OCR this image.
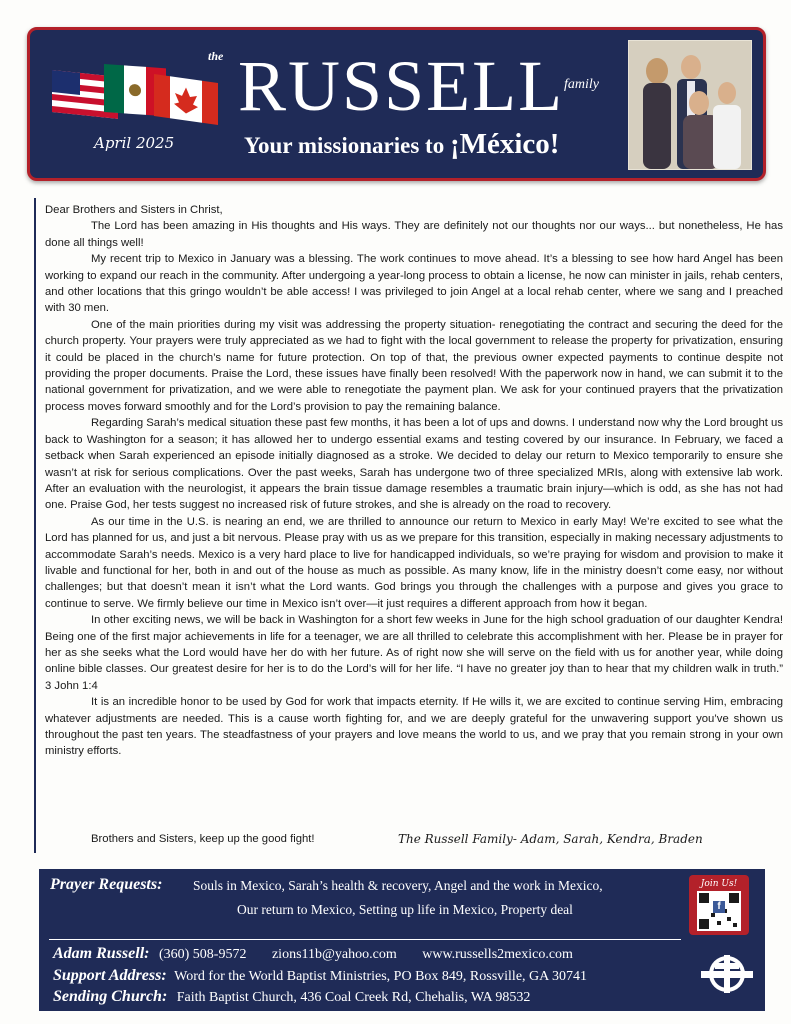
April 2025
the RUSSELL family
Your missionaries to ¡México!

Dear Brothers and Sisters in Christ,

The Lord has been amazing in His thoughts and His ways. They are definitely not our thoughts nor our ways... but nonetheless, He has done all things well!

My recent trip to Mexico in January was a blessing. The work continues to move ahead. It’s a blessing to see how hard Angel has been working to expand our reach in the community. After undergoing a year-long process to obtain a license, he now can minister in jails, rehab centers, and other locations that this gringo wouldn’t be able access! I was privileged to join Angel at a local rehab center, where we sang and I preached with 30 men.

One of the main priorities during my visit was addressing the property situation- renegotiating the contract and securing the deed for the church property. Your prayers were truly appreciated as we had to fight with the local government to release the property for privatization, ensuring it could be placed in the church’s name for future protection. On top of that, the previous owner expected payments to continue despite not providing the proper documents. Praise the Lord, these issues have finally been resolved! With the paperwork now in hand, we can submit it to the national government for privatization, and we were able to renegotiate the payment plan. We ask for your continued prayers that the privatization process moves forward smoothly and for the Lord’s provision to pay the remaining balance.

Regarding Sarah’s medical situation these past few months, it has been a lot of ups and downs. I understand now why the Lord brought us back to Washington for a season; it has allowed her to undergo essential exams and testing covered by our insurance. In February, we faced a setback when Sarah experienced an episode initially diagnosed as a stroke. We decided to delay our return to Mexico temporarily to ensure she wasn’t at risk for serious complications. Over the past weeks, Sarah has undergone two of three specialized MRIs, along with extensive lab work. After an evaluation with the neurologist, it appears the brain tissue damage resembles a traumatic brain injury—which is odd, as she has not had one. Praise God, her tests suggest no increased risk of future strokes, and she is already on the road to recovery.

As our time in the U.S. is nearing an end, we are thrilled to announce our return to Mexico in early May! We’re excited to see what the Lord has planned for us, and just a bit nervous. Please pray with us as we prepare for this transition, especially in making necessary adjustments to accommodate Sarah’s needs. Mexico is a very hard place to live for handicapped individuals, so we’re praying for wisdom and provision to make it livable and functional for her, both in and out of the house as much as possible. As many know, life in the ministry doesn’t come easy, nor without challenges; but that doesn’t mean it isn’t what the Lord wants. God brings you through the challenges with a purpose and gives you grace to continue to serve. We firmly believe our time in Mexico isn’t over—it just requires a different approach from how it began.

In other exciting news, we will be back in Washington for a short few weeks in June for the high school graduation of our daughter Kendra! Being one of the first major achievements in life for a teenager, we are all thrilled to celebrate this accomplishment with her. Please be in prayer for her as she seeks what the Lord would have her do with her future. As of right now she will serve on the field with us for another year, while doing online bible classes. Our greatest desire for her is to do the Lord’s will for her life. “I have no greater joy than to hear that my children walk in truth.” 3 John 1:4

It is an incredible honor to be used by God for work that impacts eternity. If He wills it, we are excited to continue serving Him, embracing whatever adjustments are needed. This is a cause worth fighting for, and we are deeply grateful for the unwavering support you’ve shown us throughout the past ten years. The steadfastness of your prayers and love means the world to us, and we pray that you remain strong in your own ministry efforts.

Brothers and Sisters, keep up the good fight!	The Russell Family- Adam, Sarah, Kendra, Braden
Prayer Requests: Souls in Mexico, Sarah’s health & recovery, Angel and the work in Mexico,
Our return to Mexico, Setting up life in Mexico, Property deal
Join Us!
f
Adam Russell: (360) 508-9572 zions11b@yahoo.com www.russells2mexico.com
Support Address: Word for the World Baptist Ministries, PO Box 849, Rossville, GA 30741
Sending Church: Faith Baptist Church, 436 Coal Creek Rd, Chehalis, WA 98532
